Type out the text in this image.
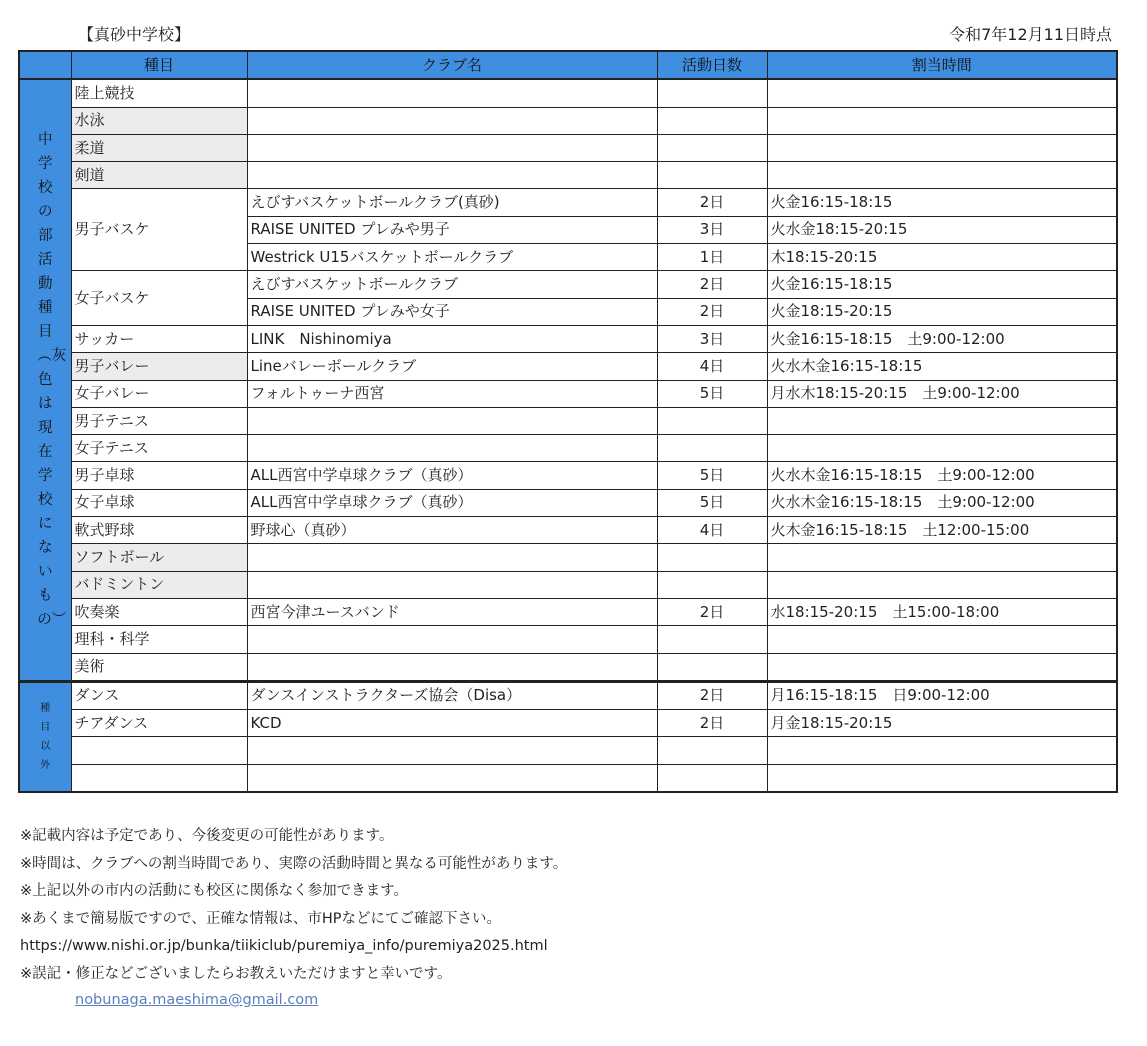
【真砂中学校】	令和7年12月11日時点
	種目	クラブ名	活動日数	割当時間

中学校の部活動種目︵灰色は現在学校にないもの︶	陸上競技			
	水泳			
	柔道			
	剣道			
	男子バスケ	えびすバスケットボールクラブ(真砂)	2日	火金16:15-18:15
		RAISE UNITED プレみや男子	3日	火水金18:15-20:15
		Westrick U15バスケットボールクラブ	1日	木18:15-20:15
	女子バスケ	えびすバスケットボールクラブ	2日	火金16:15-18:15
		RAISE UNITED プレみや女子	2日	火金18:15-20:15
	サッカー	LINK　Nishinomiya	3日	火金16:15-18:15　土9:00-12:00
	男子バレー	Lineバレーボールクラブ	4日	火水木金16:15-18:15
	女子バレー	フォルトゥーナ西宮	5日	月水木18:15-20:15　土9:00-12:00
	男子テニス			
	女子テニス			
	男子卓球	ALL西宮中学卓球クラブ（真砂）	5日	火水木金16:15-18:15　土9:00-12:00
	女子卓球	ALL西宮中学卓球クラブ（真砂）	5日	火水木金16:15-18:15　土9:00-12:00
	軟式野球	野球心（真砂）	4日	火木金16:15-18:15　土12:00-15:00
	ソフトボール			
	バドミントン			
	吹奏楽	西宮今津ユースバンド	2日	水18:15-20:15　土15:00-18:00
	理科・科学			
	美術			

種目以外	ダンス	ダンスインストラクターズ協会（Disa）	2日	月16:15-18:15　日9:00-12:00
	チアダンス	KCD	2日	月金18:15-20:15

※記載内容は予定であり、今後変更の可能性があります。
※時間は、クラブへの割当時間であり、実際の活動時間と異なる可能性があります。
※上記以外の市内の活動にも校区に関係なく参加できます。
※あくまで簡易版ですので、正確な情報は、市HPなどにてご確認下さい。
https://www.nishi.or.jp/bunka/tiikiclub/puremiya_info/puremiya2025.html
※誤記・修正などございましたらお教えいただけますと幸いです。
nobunaga.maeshima@gmail.com
